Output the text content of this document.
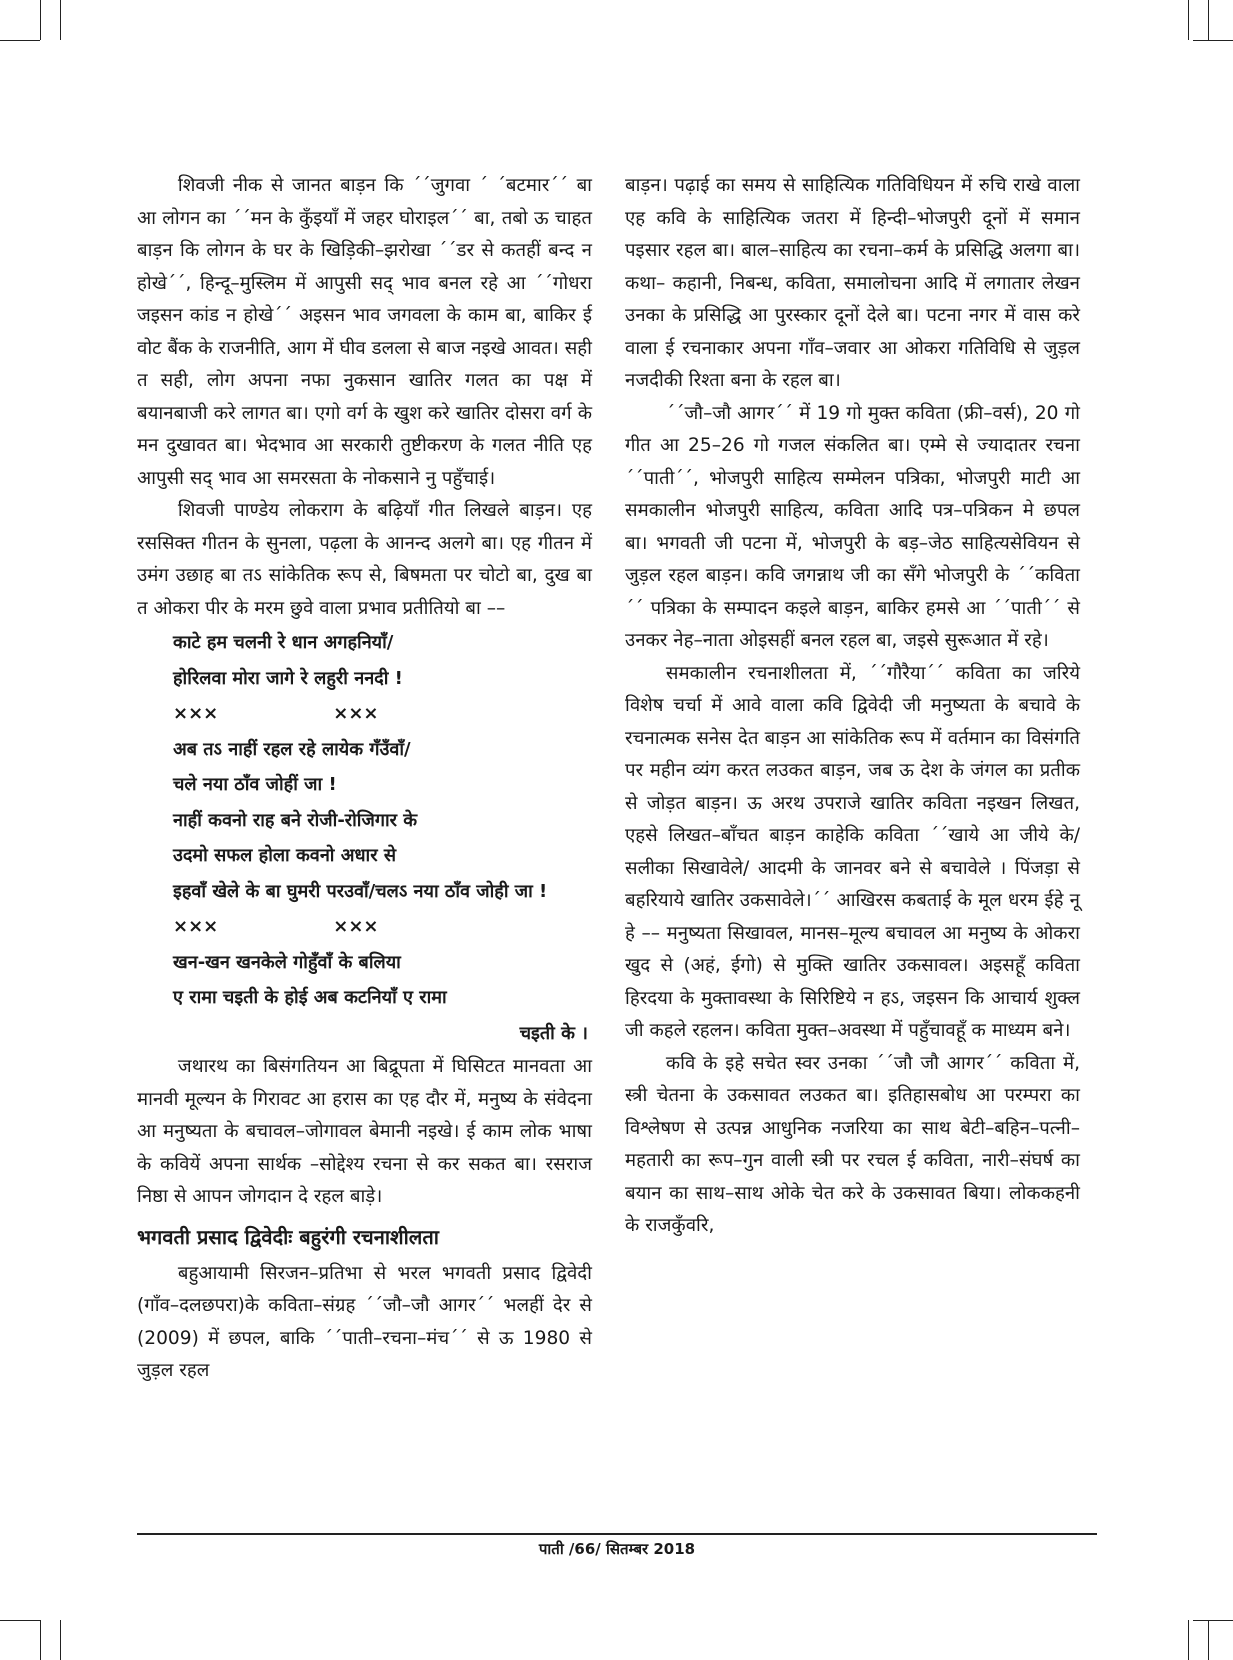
शिवजी नीक से जानत बाड़न कि ´´जुगवा ´ ´बटमार´´ बा आ लोगन का ´´मन के कुँइयाँ में जहर घोराइल´´ बा, तबो ऊ चाहत बाड़न कि लोगन के घर के खिड़िकी–झरोखा ´´डर से कतहीं बन्द न होखे´´, हिन्दू–मुस्लिम में आपुसी सद् भाव बनल रहे आ ´´गोधरा जइसन कांड न होखे´´ अइसन भाव जगवला के काम बा, बाकिर ई वोट बैंक के राजनीति, आग में घीव डलला से बाज नइखे आवत। सही त सही, लोग अपना नफा नुकसान खातिर गलत का पक्ष में बयानबाजी करे लागत बा। एगो वर्ग के खुश करे खातिर दोसरा वर्ग के मन दुखावत बा। भेदभाव आ सरकारी तुष्टीकरण के गलत नीति एह आपुसी सद् भाव आ समरसता के नोकसाने नु पहुँचाई।

शिवजी पाण्डेय लोकराग के बढ़ियाँ गीत लिखले बाड़न। एह रससिक्त गीतन के सुनला, पढ़ला के आनन्द अलगे बा। एह गीतन में उमंग उछाह बा तऽ सांकेतिक रूप से, बिषमता पर चोटो बा, दुख बा त ओकरा पीर के मरम छुवे वाला प्रभाव प्रतीतियो बा ––

काटे हम चलनी रे धान अगहनियाँ/
होरिलवा मोरा जागे रे लहुरी ननदी !
×××	×××
अब तऽ नाहीं रहल रहे लायेक गँउँवाँ/
चले नया ठाँव जोहीं जा !
नाहीं कवनो राह बने रोजी-रोजिगार के
उदमो सफल होला कवनो अधार से
इहवाँ खेले के बा घुमरी परउवाँ/चलऽ नया ठाँव जोही जा !
×××	×××
खन-खन खनकेले गोहुँवाँ के बलिया
ए रामा चइती के होई अब कटनियाँ ए रामा
चइती के ।

जथारथ का बिसंगतियन आ बिद्रूपता में घिसिटत मानवता आ मानवी मूल्यन के गिरावट आ हरास का एह दौर में, मनुष्य के संवेदना आ मनुष्यता के बचावल–जोगावल बेमानी नइखे। ई काम लोक भाषा के कवियें अपना सार्थक –सोद्देश्य रचना से कर सकत बा। रसराज निष्ठा से आपन जोगदान दे रहल बाड़े।

भगवती प्रसाद द्विवेदीः बहुरंगी रचनाशीलता

बहुआयामी सिरजन–प्रतिभा से भरल भगवती प्रसाद द्विवेदी (गाँव–दलछपरा)के कविता–संग्रह ´´जौ–जौ आगर´´ भलहीं देर से (2009) में छपल, बाकि ´´पाती–रचना–मंच´´ से ऊ 1980 से जुड़ल रहल

बाड़न। पढ़ाई का समय से साहित्यिक गतिविधियन में रुचि राखे वाला एह कवि के साहित्यिक जतरा में हिन्दी–भोजपुरी दूनों में समान पइसार रहल बा। बाल–साहित्य का रचना–कर्म के प्रसिद्धि अलगा बा। कथा– कहानी, निबन्ध, कविता, समालोचना आदि में लगातार लेखन उनका के प्रसिद्धि आ पुरस्कार दूनों देले बा। पटना नगर में वास करे वाला ई रचनाकार अपना गाँव–जवार आ ओकरा गतिविधि से जुड़ल नजदीकी रिश्ता बना के रहल बा।

´´जौ–जौ आगर´´ में 19 गो मुक्त कविता (फ्री–वर्स), 20 गो गीत आ 25–26 गो गजल संकलित बा। एम्मे से ज्यादातर रचना ´´पाती´´, भोजपुरी साहित्य सम्मेलन पत्रिका, भोजपुरी माटी आ समकालीन भोजपुरी साहित्य, कविता आदि पत्र–पत्रिकन मे छपल बा। भगवती जी पटना में, भोजपुरी के बड़–जेठ साहित्यसेवियन से जुड़ल रहल बाड़न। कवि जगन्नाथ जी का सँगे भोजपुरी के ´´कविता´´ पत्रिका के सम्पादन कइले बाड़न, बाकिर हमसे आ ´´पाती´´ से उनकर नेह–नाता ओइसहीं बनल रहल बा, जइसे सुरूआत में रहे।

समकालीन रचनाशीलता में, ´´गौरैया´´ कविता का जरिये विशेष चर्चा में आवे वाला कवि द्विवेदी जी मनुष्यता के बचावे के रचनात्मक सनेस देत बाड़न आ सांकेतिक रूप में वर्तमान का विसंगति पर महीन व्यंग करत लउकत बाड़न, जब ऊ देश के जंगल का प्रतीक से जोड़त बाड़न। ऊ अरथ उपराजे खातिर कविता नइखन लिखत, एहसे लिखत–बाँचत बाड़न काहेकि कविता ´´खाये आ जीये के/ सलीका सिखावेले/ आदमी के जानवर बने से बचावेले । पिंजड़ा से बहरियाये खातिर उकसावेले।´´ आखिरस कबताई के मूल धरम ईहे नू हे –– मनुष्यता सिखावल, मानस–मूल्य बचावल आ मनुष्य के ओकरा खुद से (अहं, ईगो) से मुक्ति खातिर उकसावल। अइसहूँ कविता हिरदया के मुक्तावस्था के सिरिष्टिये न हऽ, जइसन कि आचार्य शुक्ल जी कहले रहलन। कविता मुक्त–अवस्था में पहुँचावहूँ क माध्यम बने।

कवि के इहे सचेत स्वर उनका ´´जौ जौ आगर´´ कविता में, स्त्री चेतना के उकसावत लउकत बा। इतिहासबोध आ परम्परा का विश्लेषण से उत्पन्न आधुनिक नजरिया का साथ बेटी–बहिन–पत्नी–महतारी का रूप–गुन वाली स्त्री पर रचल ई कविता, नारी–संघर्ष का बयान का साथ–साथ ओके चेत करे के उकसावत बिया। लोककहनी के राजकुँवरि,

पाती /66/ सितम्बर 2018
